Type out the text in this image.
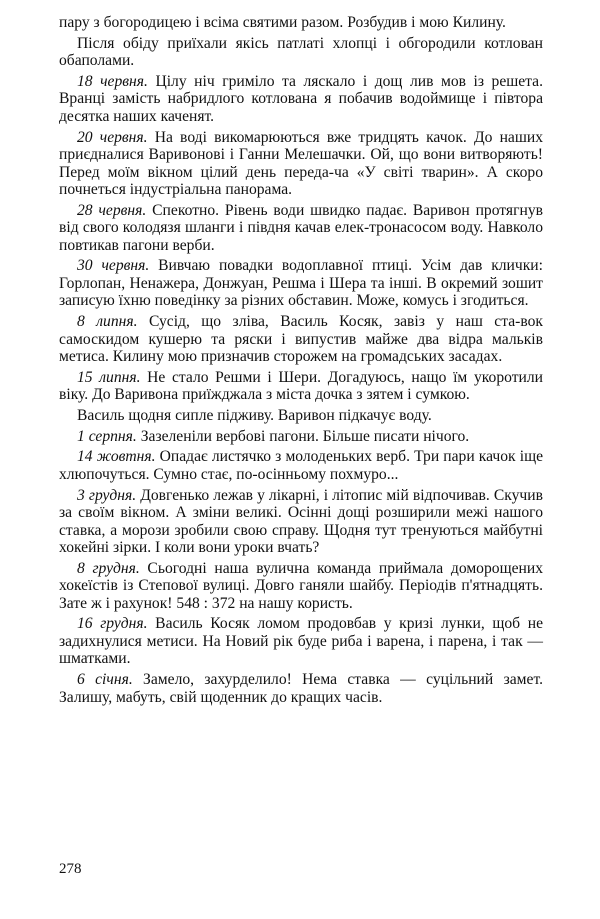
пару з богородицею і всіма святими разом. Розбудив і мою Килину.

Після обіду приїхали якісь патлаті хлопці і обгородили котлован обаполами.

18 червня. Цілу ніч гриміло та ляскало і дощ лив мов із решета. Вранці замість набридлого котлована я побачив водоймище і півтора десятка наших каченят.

20 червня. На воді викомарюються вже тридцять качок. До наших приєдналися Варивонові і Ганни Мелешачки. Ой, що вони витворяють! Перед моїм вікном цілий день переда-ча «У світі тварин». А скоро почнеться індустріальна панорама.

28 червня. Спекотно. Рівень води швидко падає. Варивон протягнув від свого колодязя шланги і півдня качав елек-тронасосом воду. Навколо повтикав пагони верби.

30 червня. Вивчаю повадки водоплавної птиці. Усім дав клички: Горлопан, Ненажера, Донжуан, Решма і Шера та інші. В окремий зошит записую їхню поведінку за різних обставин. Може, комусь і згодиться.

8 липня. Сусід, що зліва, Василь Косяк, завіз у наш ста-вок самоскидом кушерю та ряски і випустив майже два відра мальків метиса. Килину мою призначив сторожем на громадських засадах.

15 липня. Не стало Решми і Шери. Догадуюсь, нащо їм укоротили віку. До Варивона приїжджала з міста дочка з зятем і сумкою.

Василь щодня сипле підживу. Варивон підкачує воду.

1 серпня. Зазеленіли вербові пагони. Більше писати нічого.

14 жовтня. Опадає листячко з молоденьких верб. Три пари качок іще хлюпочуться. Сумно стає, по-осінньому похмуро...

3 грудня. Довгенько лежав у лікарні, і літопис мій відпочивав. Скучив за своїм вікном. А зміни великі. Осінні дощі розширили межі нашого ставка, а морози зробили свою справу. Щодня тут тренуються майбутні хокейні зірки. І коли вони уроки вчать?

8 грудня. Сьогодні наша вулична команда приймала доморощених хокеїстів із Степової вулиці. Довго ганяли шайбу. Періодів п'ятнадцять. Зате ж і рахунок! 548 : 372 на нашу користь.

16 грудня. Василь Косяк ломом продовбав у кризі лунки, щоб не задихнулися метиси. На Новий рік буде риба і варена, і парена, і так — шматками.

6 січня. Замело, захурделило! Нема ставка — суцільний замет. Залишу, мабуть, свій щоденник до кращих часів.

278
